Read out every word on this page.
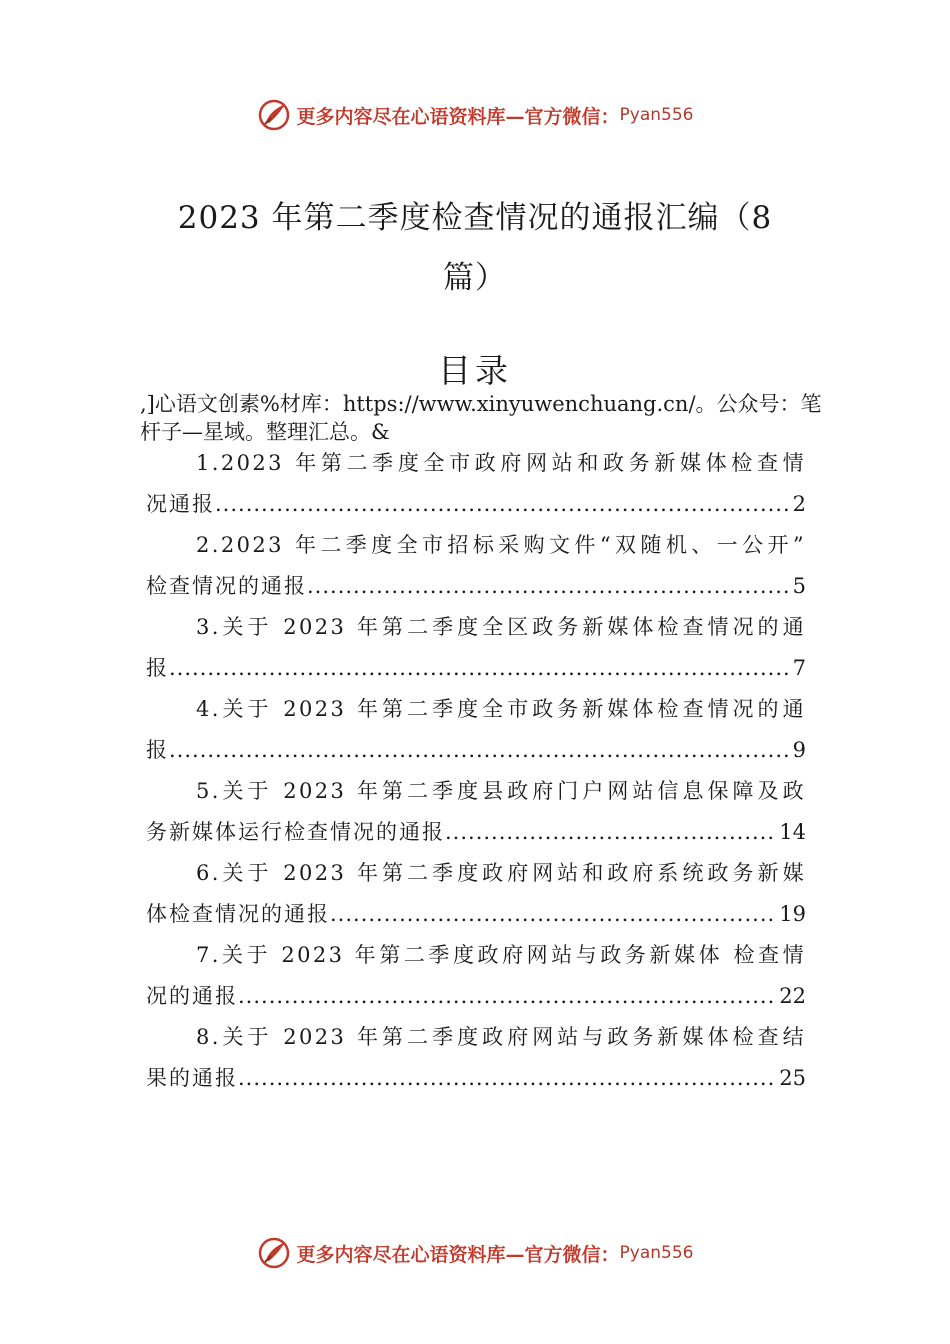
更多内容尽在心语资料库—官方微信： Pyan556
2023 年第二季度检查情况的通报汇编（8
篇）
目录
,]心语文创素%材库：https://www.xinyuwenchuang.cn/。公众号：笔杆子—星域。整理汇总。&
1.2023 年第二季度全市政府网站和政务新媒体检查情
况通报 .....	2
2.2023 年二季度全市招标采购文件“双随机、一公开”
检查情况的通报 .....	5
3.关于 2023 年第二季度全区政务新媒体检查情况的通
报 .....	7
4.关于 2023 年第二季度全市政务新媒体检查情况的通
报 .....	9
5.关于 2023 年第二季度县政府门户网站信息保障及政
务新媒体运行检查情况的通报 .....	14
6.关于 2023 年第二季度政府网站和政府系统政务新媒
体检查情况的通报 .....	19
7.关于 2023 年第二季度政府网站与政务新媒体 检查情
况的通报 .....	22
8.关于 2023 年第二季度政府网站与政务新媒体检查结
果的通报 .....	25
更多内容尽在心语资料库—官方微信： Pyan556
